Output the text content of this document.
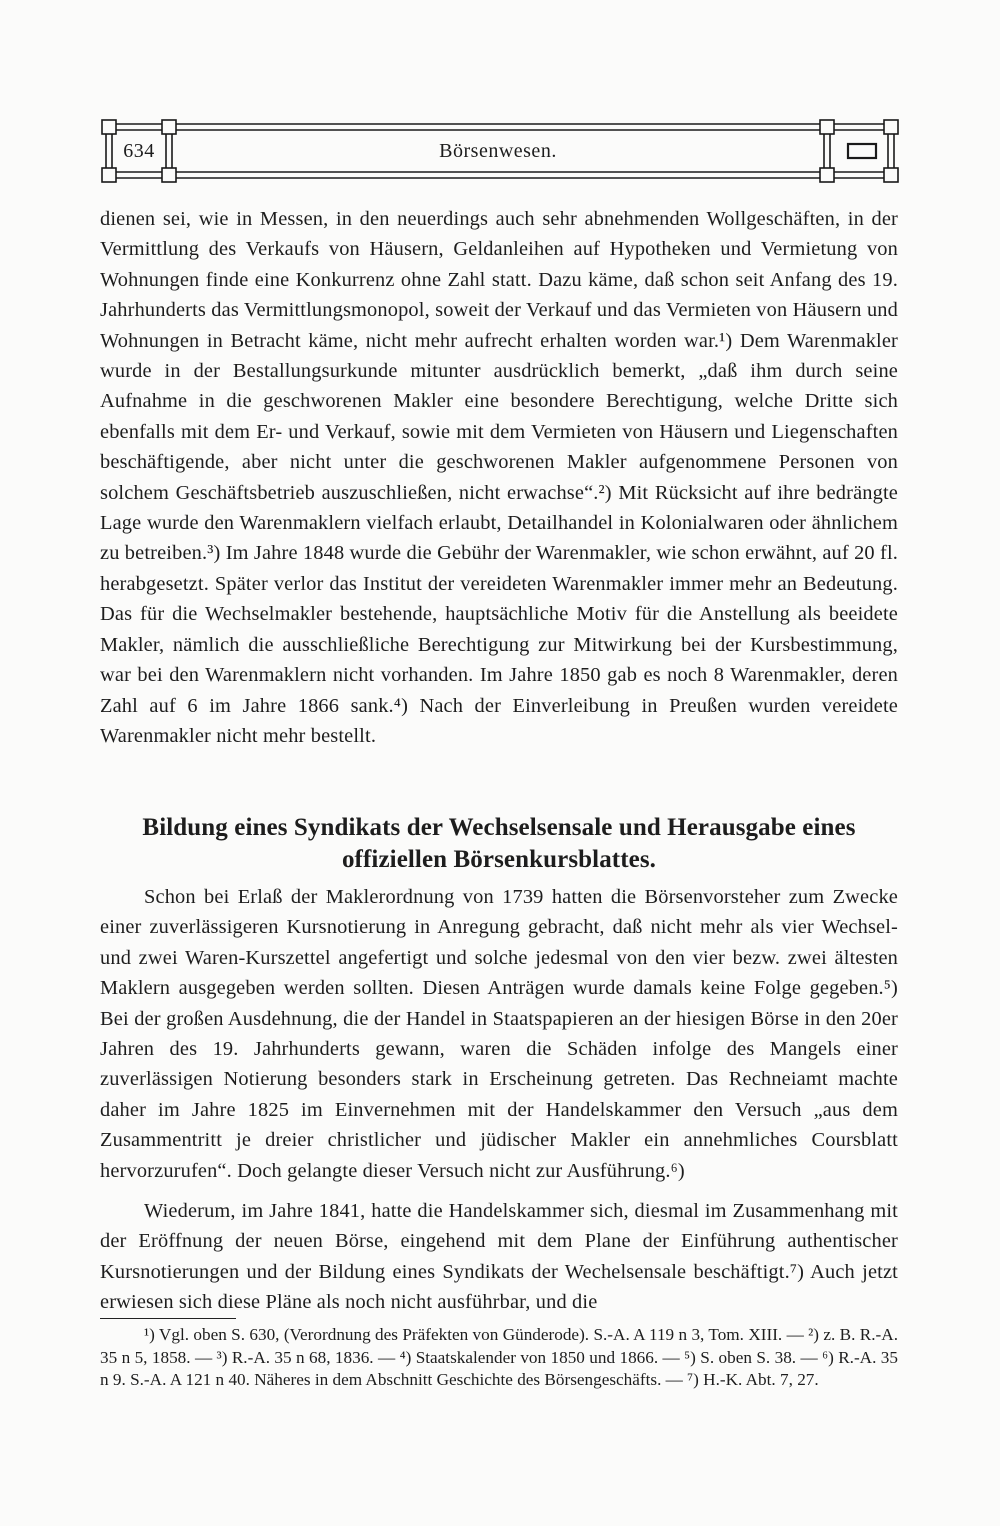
634	Börsenwesen.

dienen sei, wie in Messen, in den neuerdings auch sehr abnehmenden Wollgeschäften, in der Vermittlung des Verkaufs von Häusern, Geldanleihen auf Hypotheken und Vermietung von Wohnungen finde eine Konkurrenz ohne Zahl statt. Dazu käme, daß schon seit Anfang des 19. Jahrhunderts das Vermittlungsmonopol, soweit der Verkauf und das Vermieten von Häusern und Wohnungen in Betracht käme, nicht mehr aufrecht erhalten worden war.¹) Dem Warenmakler wurde in der Bestallungsurkunde mitunter ausdrücklich bemerkt, „daß ihm durch seine Aufnahme in die geschworenen Makler eine besondere Berechtigung, welche Dritte sich ebenfalls mit dem Er- und Verkauf, sowie mit dem Vermieten von Häusern und Liegenschaften beschäftigende, aber nicht unter die geschworenen Makler aufgenommene Personen von solchem Geschäftsbetrieb auszuschließen, nicht erwachse“.²) Mit Rücksicht auf ihre bedrängte Lage wurde den Warenmaklern vielfach erlaubt, Detailhandel in Kolonialwaren oder ähnlichem zu betreiben.³) Im Jahre 1848 wurde die Gebühr der Warenmakler, wie schon erwähnt, auf 20 fl. herabgesetzt. Später verlor das Institut der vereideten Warenmakler immer mehr an Bedeutung. Das für die Wechselmakler bestehende, hauptsächliche Motiv für die Anstellung als beeidete Makler, nämlich die ausschließliche Berechtigung zur Mitwirkung bei der Kursbestimmung, war bei den Warenmaklern nicht vorhanden. Im Jahre 1850 gab es noch 8 Warenmakler, deren Zahl auf 6 im Jahre 1866 sank.⁴) Nach der Einverleibung in Preußen wurden vereidete Warenmakler nicht mehr bestellt.

Bildung eines Syndikats der Wechselsensale und Herausgabe eines
offiziellen Börsenkursblattes.

Schon bei Erlaß der Maklerordnung von 1739 hatten die Börsenvorsteher zum Zwecke einer zuverlässigeren Kursnotierung in Anregung gebracht, daß nicht mehr als vier Wechsel- und zwei Waren-Kurszettel angefertigt und solche jedesmal von den vier bezw. zwei ältesten Maklern ausgegeben werden sollten. Diesen Anträgen wurde damals keine Folge gegeben.⁵) Bei der großen Ausdehnung, die der Handel in Staatspapieren an der hiesigen Börse in den 20er Jahren des 19. Jahrhunderts gewann, waren die Schäden infolge des Mangels einer zuverlässigen Notierung besonders stark in Erscheinung getreten. Das Rechneiamt machte daher im Jahre 1825 im Einvernehmen mit der Handelskammer den Versuch „aus dem Zusammentritt je dreier christlicher und jüdischer Makler ein annehmliches Coursblatt hervorzurufen“. Doch gelangte dieser Versuch nicht zur Ausführung.⁶)

Wiederum, im Jahre 1841, hatte die Handelskammer sich, diesmal im Zusammenhang mit der Eröffnung der neuen Börse, eingehend mit dem Plane der Einführung authentischer Kursnotierungen und der Bildung eines Syndikats der Wechelsensale beschäftigt.⁷) Auch jetzt erwiesen sich diese Pläne als noch nicht ausführbar, und die

¹) Vgl. oben S. 630, (Verordnung des Präfekten von Günderode). S.-A. A 119 n 3, Tom. XIII. — ²) z. B. R.-A. 35 n 5, 1858. — ³) R.-A. 35 n 68, 1836. — ⁴) Staatskalender von 1850 und 1866. — ⁵) S. oben S. 38. — ⁶) R.-A. 35 n 9. S.-A. A 121 n 40. Näheres in dem Abschnitt Geschichte des Börsengeschäfts. — ⁷) H.-K. Abt. 7, 27.
